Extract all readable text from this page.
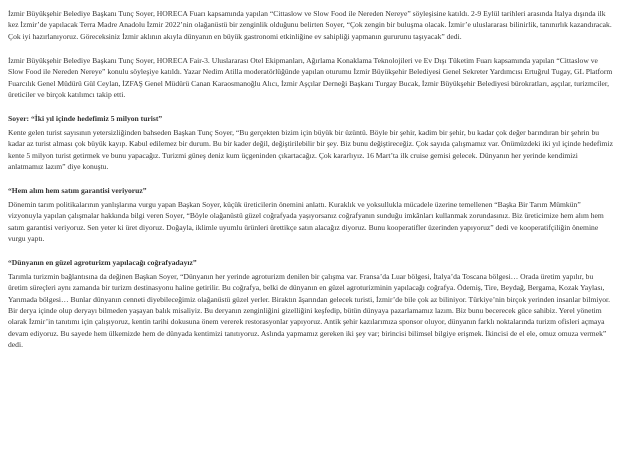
İzmir Büyükşehir Belediye Başkanı Tunç Soyer, HORECA Fuarı kapsamında yapılan “Cittaslow ve Slow Food ile Nereden Nereye” söyleşisine katıldı. 2-9 Eylül tarihleri arasında İtalya dışında ilk kez İzmir’de yapılacak Terra Madre Anadolu İzmir 2022’nin olağanüstü bir zenginlik olduğunu belirten Soyer, “Çok zengin bir buluşma olacak. İzmir’e uluslararası bilinirlik, tanınırlık kazandıracak. Çok iyi hazırlanıyoruz. Göreceksiniz İzmir aklının akıyla dünyanın en büyük gastronomi etkinliğine ev sahipliği yapmanın gururunu taşıyacak” dedi.

İzmir Büyükşehir Belediye Başkanı Tunç Soyer, HORECA Fair-3. Uluslararası Otel Ekipmanları, Ağırlama Konaklama Teknolojileri ve Ev Dışı Tüketim Fuarı kapsamında yapılan “Cittaslow ve Slow Food ile Nereden Nereye” konulu söyleşiye katıldı. Yazar Nedim Atilla moderatörlüğünde yapılan oturumu İzmir Büyükşehir Belediyesi Genel Sekreter Yardımcısı Ertuğrul Tugay, GL Platform Fuarcılık Genel Müdürü Gül Ceylan, İZFAŞ Genel Müdürü Canan Karaosmanoğlu Alıcı, İzmir Aşçılar Derneği Başkanı Turgay Bucak, İzmir Büyükşehir Belediyesi bürokratları, aşçılar, turizmciler, üreticiler ve birçok katılımcı takip etti.

Soyer: “İki yıl içinde hedefimiz 5 milyon turist”

Kente gelen turist sayısının yetersizliğinden bahseden Başkan Tunç Soyer, “Bu gerçekten bizim için büyük bir üzüntü. Böyle bir şehir, kadim bir şehir, bu kadar çok değer barındıran bir şehrin bu kadar az turist alması çok büyük kayıp. Kabul edilemez bir durum. Bu bir kader değil, değiştirilebilir bir şey. Biz bunu değiştireceğiz. Çok sayıda çalışmamız var. Önümüzdeki iki yıl içinde hedefimiz kente 5 milyon turist getirmek ve bunu yapacağız. Turizmi güneş deniz kum üçgeninden çıkartacağız. Çok kararlıyız. 16 Mart’ta ilk cruise gemisi gelecek. Dünyanın her yerinde kendimizi anlatmamız lazım” diye konuştu.

“Hem alım hem satım garantisi veriyoruz”

Dönemin tarım politikalarının yanlışlarına vurgu yapan Başkan Soyer, küçük üreticilerin önemini anlattı. Kuraklık ve yoksullukla mücadele üzerine temellenen “Başka Bir Tarım Mümkün” vizyonuyla yapılan çalışmalar hakkında bilgi veren Soyer, “Böyle olağanüstü güzel coğrafyada yaşıyorsanız coğrafyanın sunduğu imkânları kullanmak zorundasınız. Biz üreticimize hem alım hem satım garantisi veriyoruz. Sen yeter ki üret diyoruz. Doğayla, iklimle uyumlu ürünleri ürettikçe satın alacağız diyoruz. Bunu kooperatifler üzerinden yapıyoruz” dedi ve kooperatifçiliğin önemine vurgu yaptı.

“Dünyanın en güzel agroturizm yapılacağı coğrafyadayız”

Tarımla turizmin bağlantısına da değinen Başkan Soyer, “Dünyanın her yerinde agroturizm denilen bir çalışma var. Fransa’da Luar bölgesi, İtalya’da Toscana bölgesi… Orada üretim yapılır, bu üretim süreçleri aynı zamanda bir turizm destinasyonu haline getirilir. Bu coğrafya, belki de dünyanın en güzel agroturizminin yapılacağı coğrafya. Ödemiş, Tire, Beydağ, Bergama, Kozak Yaylası, Yarımada bölgesi… Bunlar dünyanın cenneti diyebileceğimiz olağanüstü güzel yerler. Biraktın âşarından gelecek turisti, İzmir’de bile çok az biliniyor. Türkiye’nin birçok yerinden insanlar bilmiyor. Bir derya içinde olup deryayı bilmeden yaşayan balık misaliyiz. Bu deryanın zenginliğini gizelliğini keşfedip, bütün dünyaya pazarlamamız lazım. Biz bunu becerecek güce sahibiz. Yerel yönetim olarak İzmir’in tanıtımı için çalışıyoruz, kentin tarihi dokusuna önem vererek restorasyonlar yapıyoruz. Antik şehir kazılarımıza sponsor oluyor, dünyanın farklı noktalarında turizm ofisleri açmaya devam ediyoruz. Bu sayede hem ülkemizde hem de dünyada kentimizi tanıtıyoruz. Aslında yapmamız gereken iki şey var; birincisi bilimsel bilgiye erişmek. İkincisi de el ele, omuz omuza vermek” dedi.
